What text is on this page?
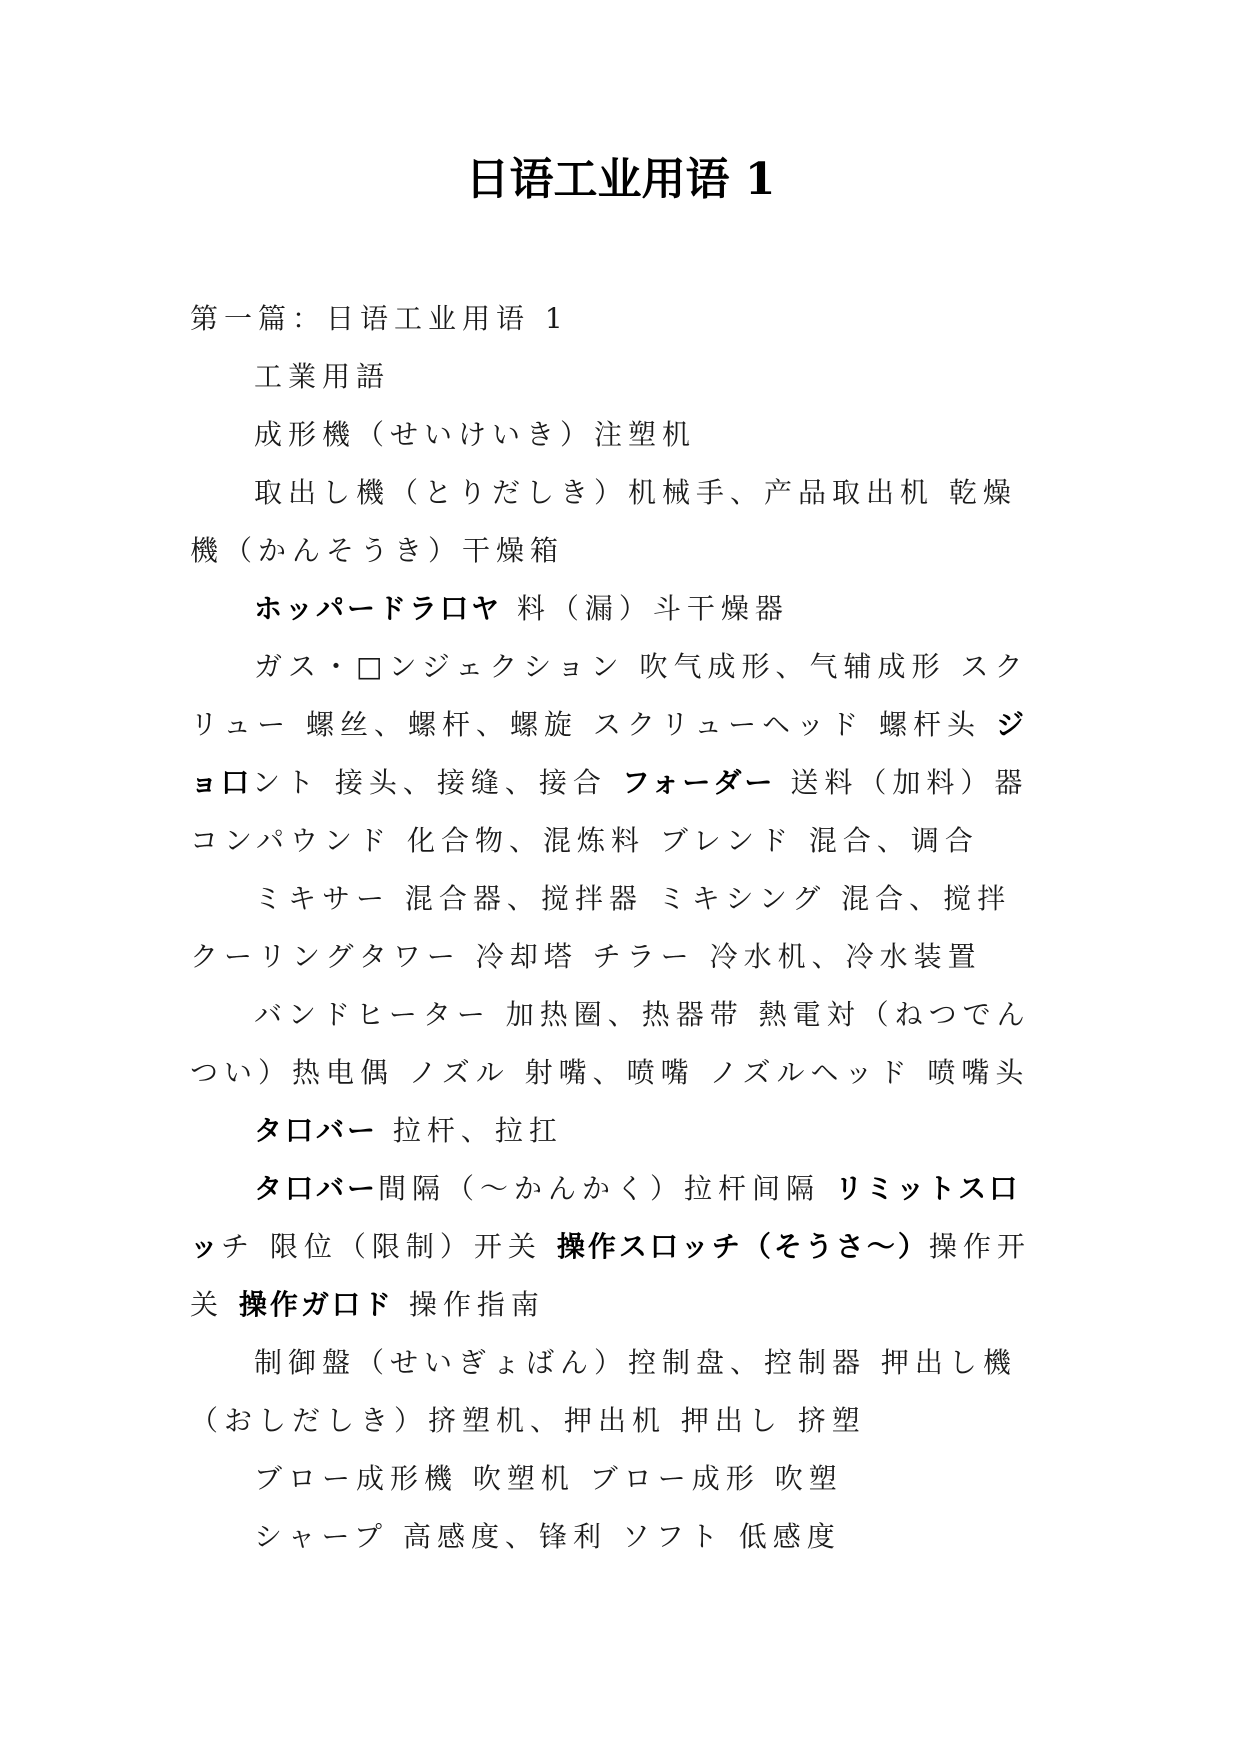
日语工业用语 1

第一篇：日语工业用语 1

工業用語

成形機（せいけいき）注塑机

取出し機（とりだしき）机械手、产品取出机 乾燥機（かんそうき）干燥箱

ホッパードラ口ヤ 料（漏）斗干燥器

ガス・□ンジェクション 吹气成形、气辅成形 スクリュー 螺丝、螺杆、螺旋 スクリューヘッド 螺杆头 ジョ口ント 接头、接缝、接合 フォーダー 送料（加料）器 コンパウンド 化合物、混炼料 ブレンド 混合、调合

ミキサー 混合器、搅拌器 ミキシング 混合、搅拌 クーリングタワー 冷却塔 チラー 冷水机、冷水装置

バンドヒーター 加热圈、热器带 熱電対（ねつでんつい）热电偶 ノズル 射嘴、喷嘴 ノズルヘッド 喷嘴头

タ口バー 拉杆、拉扛

タ口バー間隔（～かんかく）拉杆间隔 リミットス口ッチ 限位（限制）开关 操作ス口ッチ（そうさ～）操作开关 操作ガ口ド 操作指南

制御盤（せいぎょばん）控制盘、控制器 押出し機（おしだしき）挤塑机、押出机 押出し 挤塑

ブロー成形機 吹塑机 ブロー成形 吹塑

シャープ 高感度、锋利 ソフト 低感度
